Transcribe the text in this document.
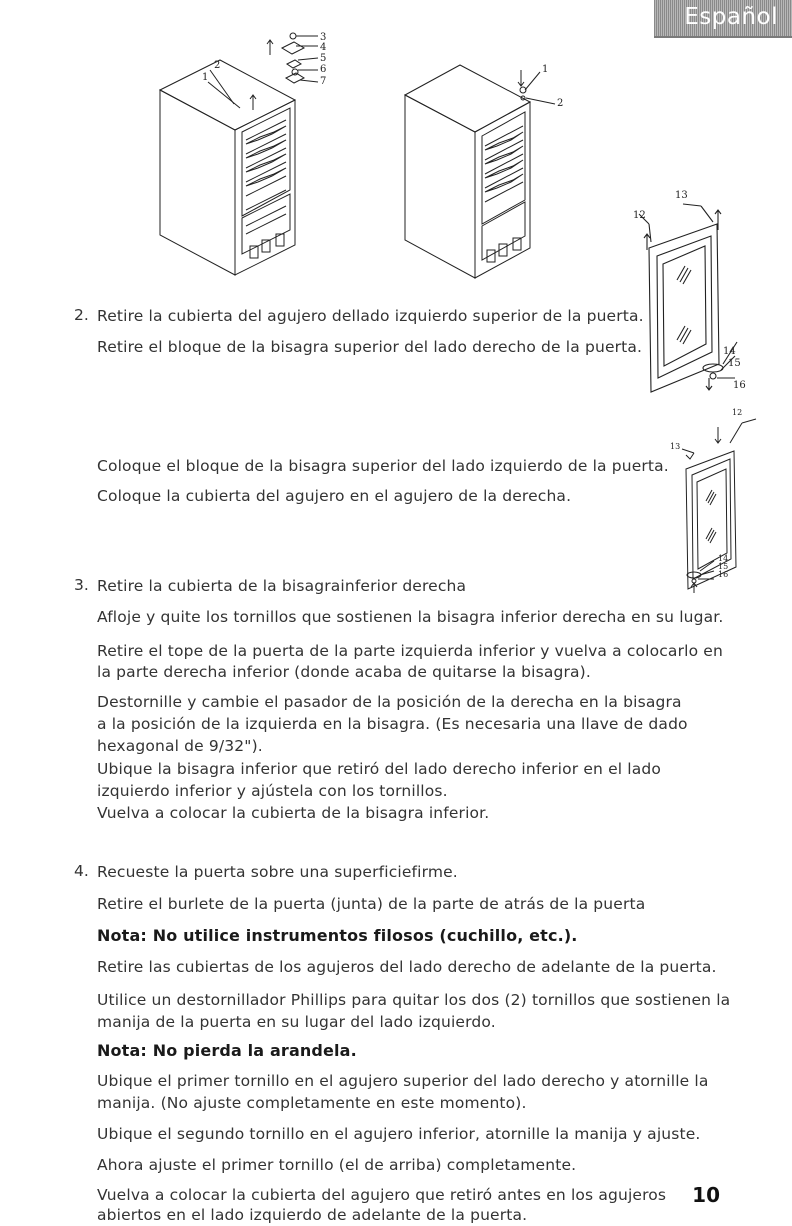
Español
3
4
5
6
7
2
1
1
2
13
12
14
15
16
12
13
14
15
16
2. Retire la cubierta del agujero dellado izquierdo superior de la puerta.
Retire el bloque de la bisagra superior del lado derecho de la puerta.
Coloque el bloque de la bisagra superior del lado izquierdo de la puerta.
Coloque la cubierta del agujero en el agujero de la derecha.
3. Retire la cubierta de la bisagrainferior derecha
Afloje y quite los tornillos que sostienen la bisagra inferior derecha en su lugar.
Retire el tope de la puerta de la parte izquierda inferior y vuelva a colocarlo en
la parte derecha inferior (donde acaba de quitarse la bisagra).
Destornille y cambie el pasador de la posición de la derecha en la bisagra
a la posición de la izquierda en la bisagra. (Es necesaria una llave de dado
hexagonal de 9/32").
Ubique la bisagra inferior que retiró del lado derecho inferior en el lado
izquierdo inferior y ajústela con los tornillos.
Vuelva a colocar la cubierta de la bisagra inferior.
4. Recueste la puerta sobre una superficiefirme.
Retire el burlete de la puerta (junta) de la parte de atrás de la puerta
Nota: No utilice instrumentos filosos (cuchillo, etc.).
Retire las cubiertas de los agujeros del lado derecho de adelante de la puerta.
Utilice un destornillador Phillips para quitar los dos (2) tornillos que sostienen la
manija de la puerta en su lugar del lado izquierdo.
Nota: No pierda la arandela.
Ubique el primer tornillo en el agujero superior del lado derecho y atornille la
manija. (No ajuste completamente en este momento).
Ubique el segundo tornillo en el agujero inferior, atornille la manija y ajuste.
Ahora ajuste el primer tornillo (el de arriba) completamente.
Vuelva a colocar la cubierta del agujero que retiró antes en los agujeros
abiertos en el lado izquierdo de adelante de la puerta.
10
